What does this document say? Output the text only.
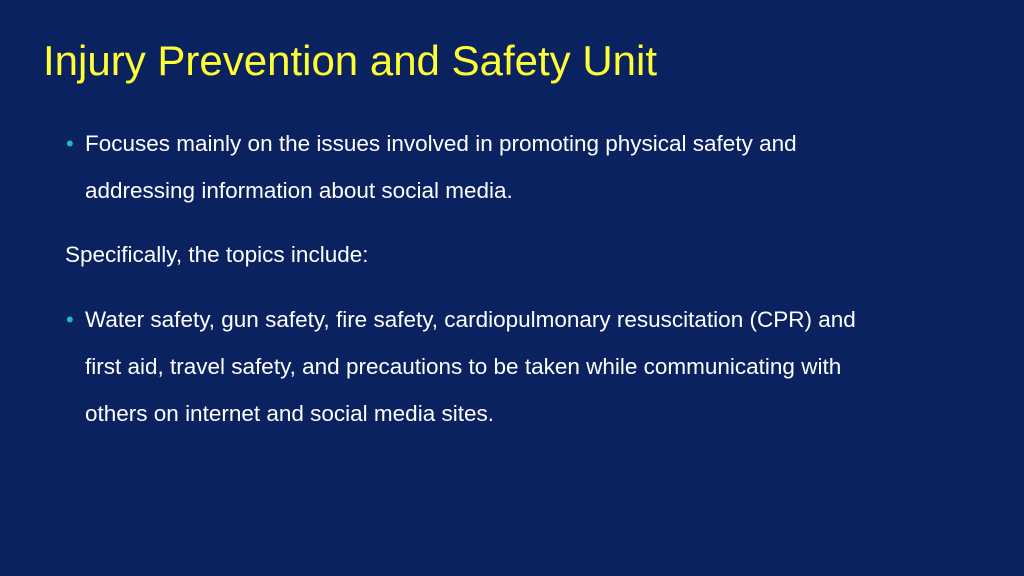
Injury Prevention and Safety Unit
• Focuses mainly on the issues involved in promoting physical safety and
addressing information about social media.
Specifically, the topics include:
• Water safety, gun safety, fire safety, cardiopulmonary resuscitation (CPR) and
first aid, travel safety, and precautions to be taken while communicating with
others on internet and social media sites.
